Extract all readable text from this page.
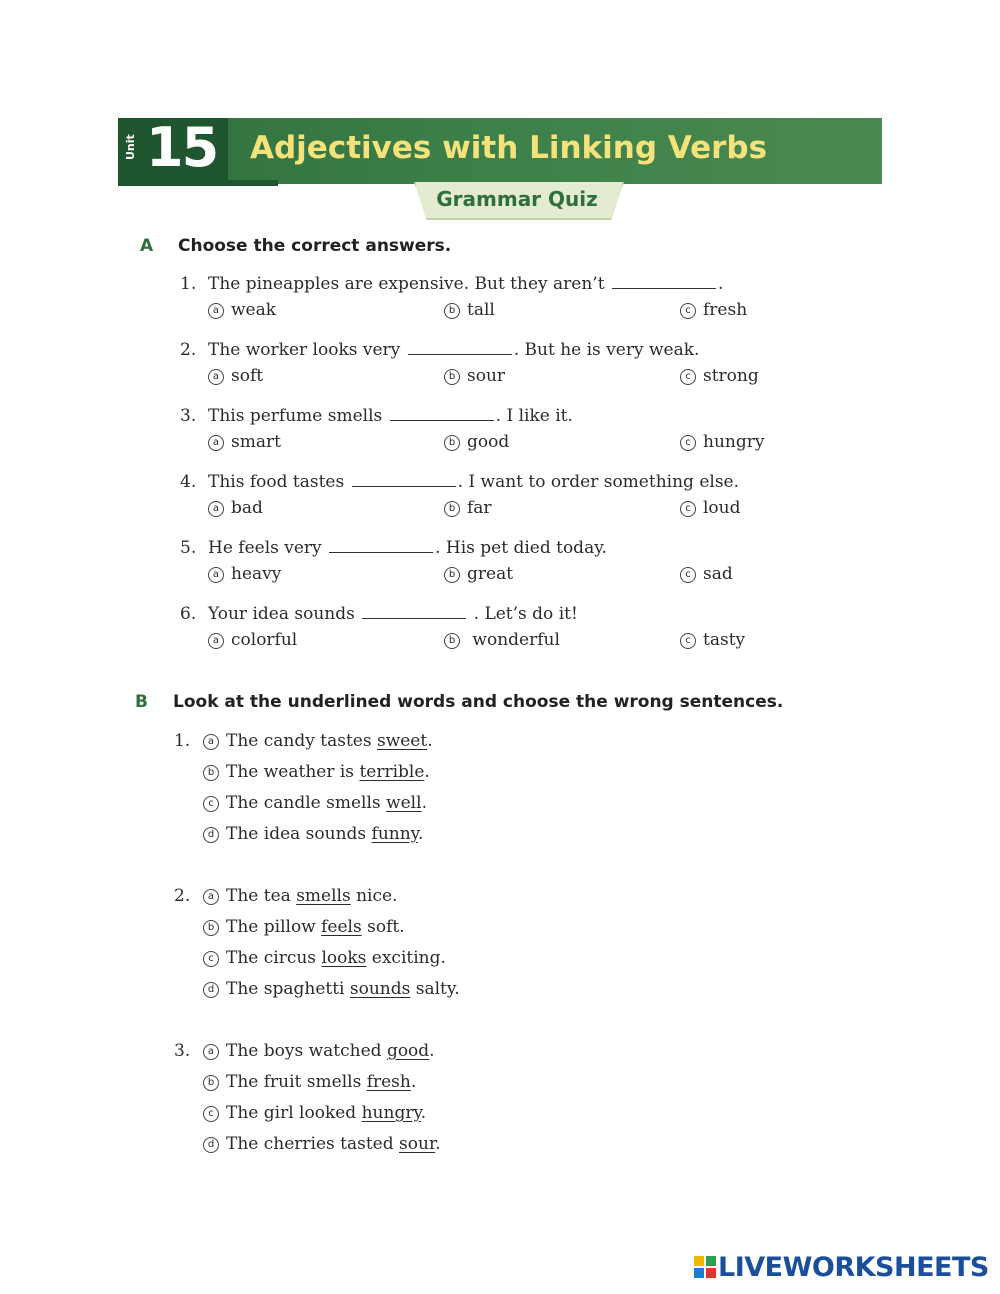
Unit 15 Adjectives with Linking Verbs
Grammar Quiz
A Choose the correct answers.
1. The pineapples are expensive. But they aren’t	.
a weak	b tall	c fresh
2. The worker looks very	. But he is very weak.
a soft	b sour	c strong
3. This perfume smells	. I like it.
a smart	b good	c hungry
4. This food tastes	. I want to order something else.
a bad	b far	c loud
5. He feels very	. His pet died today.
a heavy	b great	c sad
6. Your idea sounds	. Let’s do it!
a colorful	b wonderful	c tasty
B Look at the underlined words and choose the wrong sentences.
1.	a The candy tastes sweet.
b The weather is terrible.
c The candle smells well.
d The idea sounds funny.
2.	a The tea smells nice.
b The pillow feels soft.
c The circus looks exciting.
d The spaghetti sounds salty.
3.	a The boys watched good.
b The fruit smells fresh.
c The girl looked hungry.
d The cherries tasted sour.
LIVEWORKSHEETS
